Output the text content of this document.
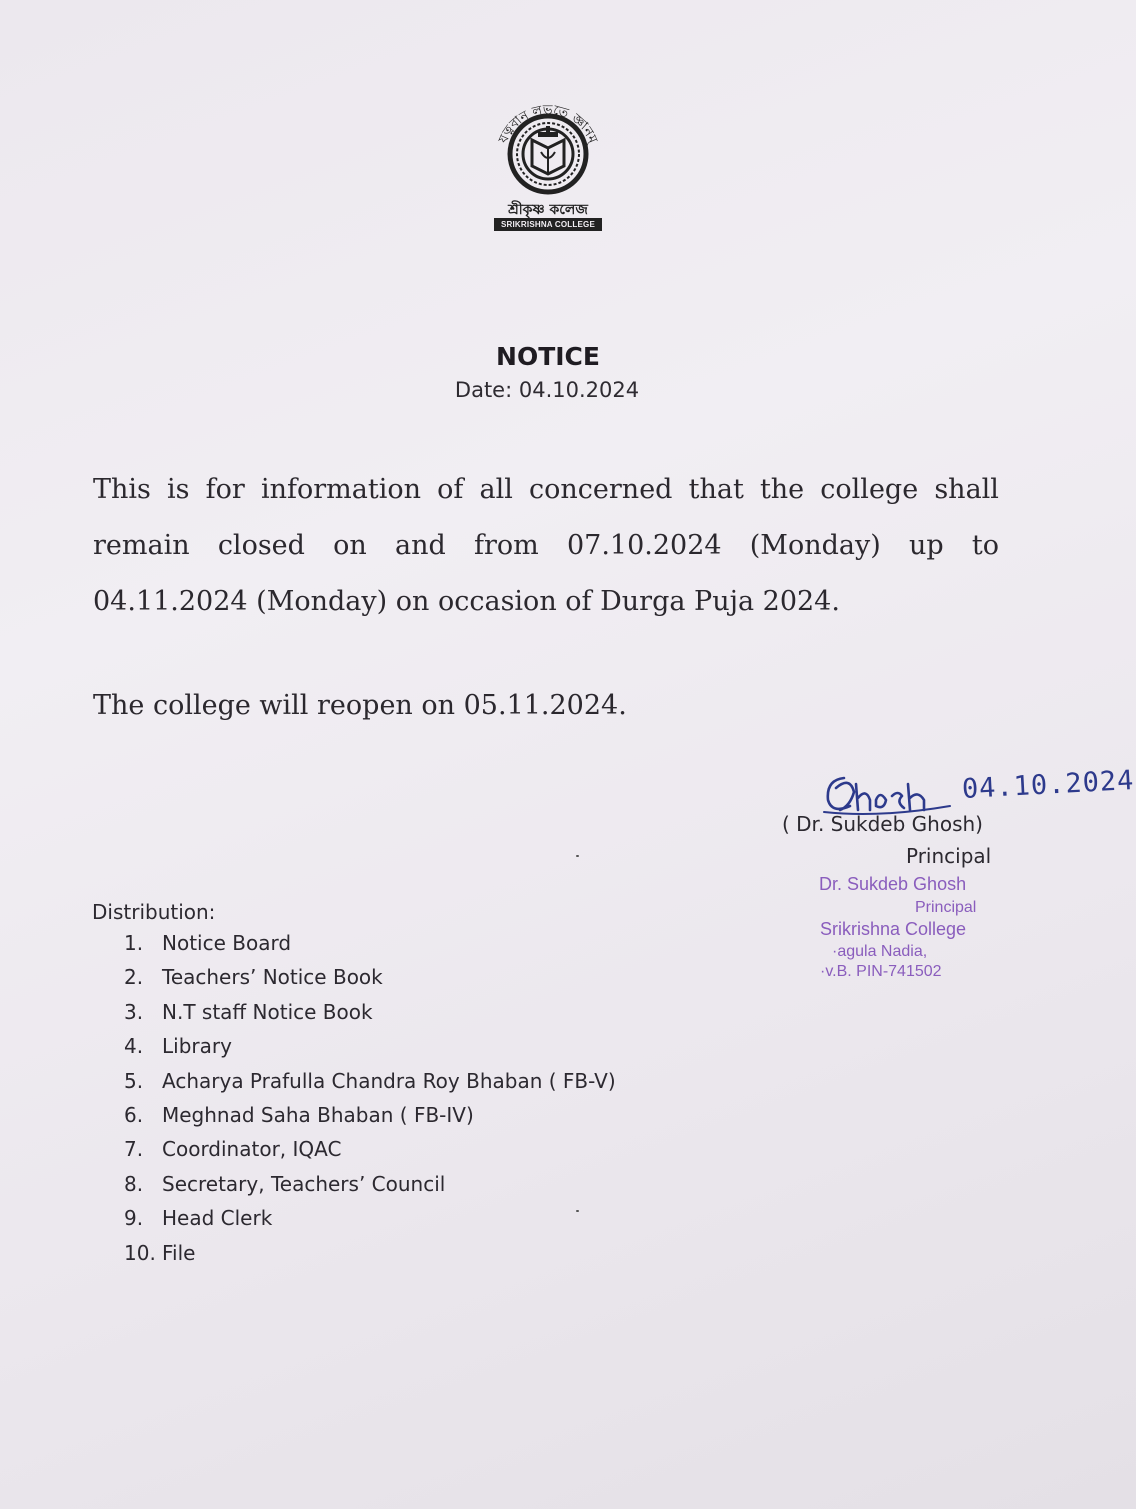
যত্নবান্ লভতে জ্ঞানম্
শ্রীকৃষ্ণ কলেজ
SRIKRISHNA COLLEGE
NOTICE
Date: 04.10.2024
This is for information of all concerned that the college shall
remain closed on and from 07.10.2024 (Monday) up to
04.11.2024 (Monday) on occasion of Durga Puja 2024.
The college will reopen on 05.11.2024.
04.10.2024
( Dr. Sukdeb Ghosh)
Principal
Dr. Sukdeb Ghosh
Principal
Srikrishna College
·agula Nadia,
·v.B. PIN-741502
Distribution:
1. Notice Board
2. Teachers’ Notice Book
3. N.T staff Notice Book
4. Library
5. Acharya Prafulla Chandra Roy Bhaban ( FB-V)
6. Meghnad Saha Bhaban ( FB-IV)
7. Coordinator, IQAC
8. Secretary, Teachers’ Council
9. Head Clerk
10. File
